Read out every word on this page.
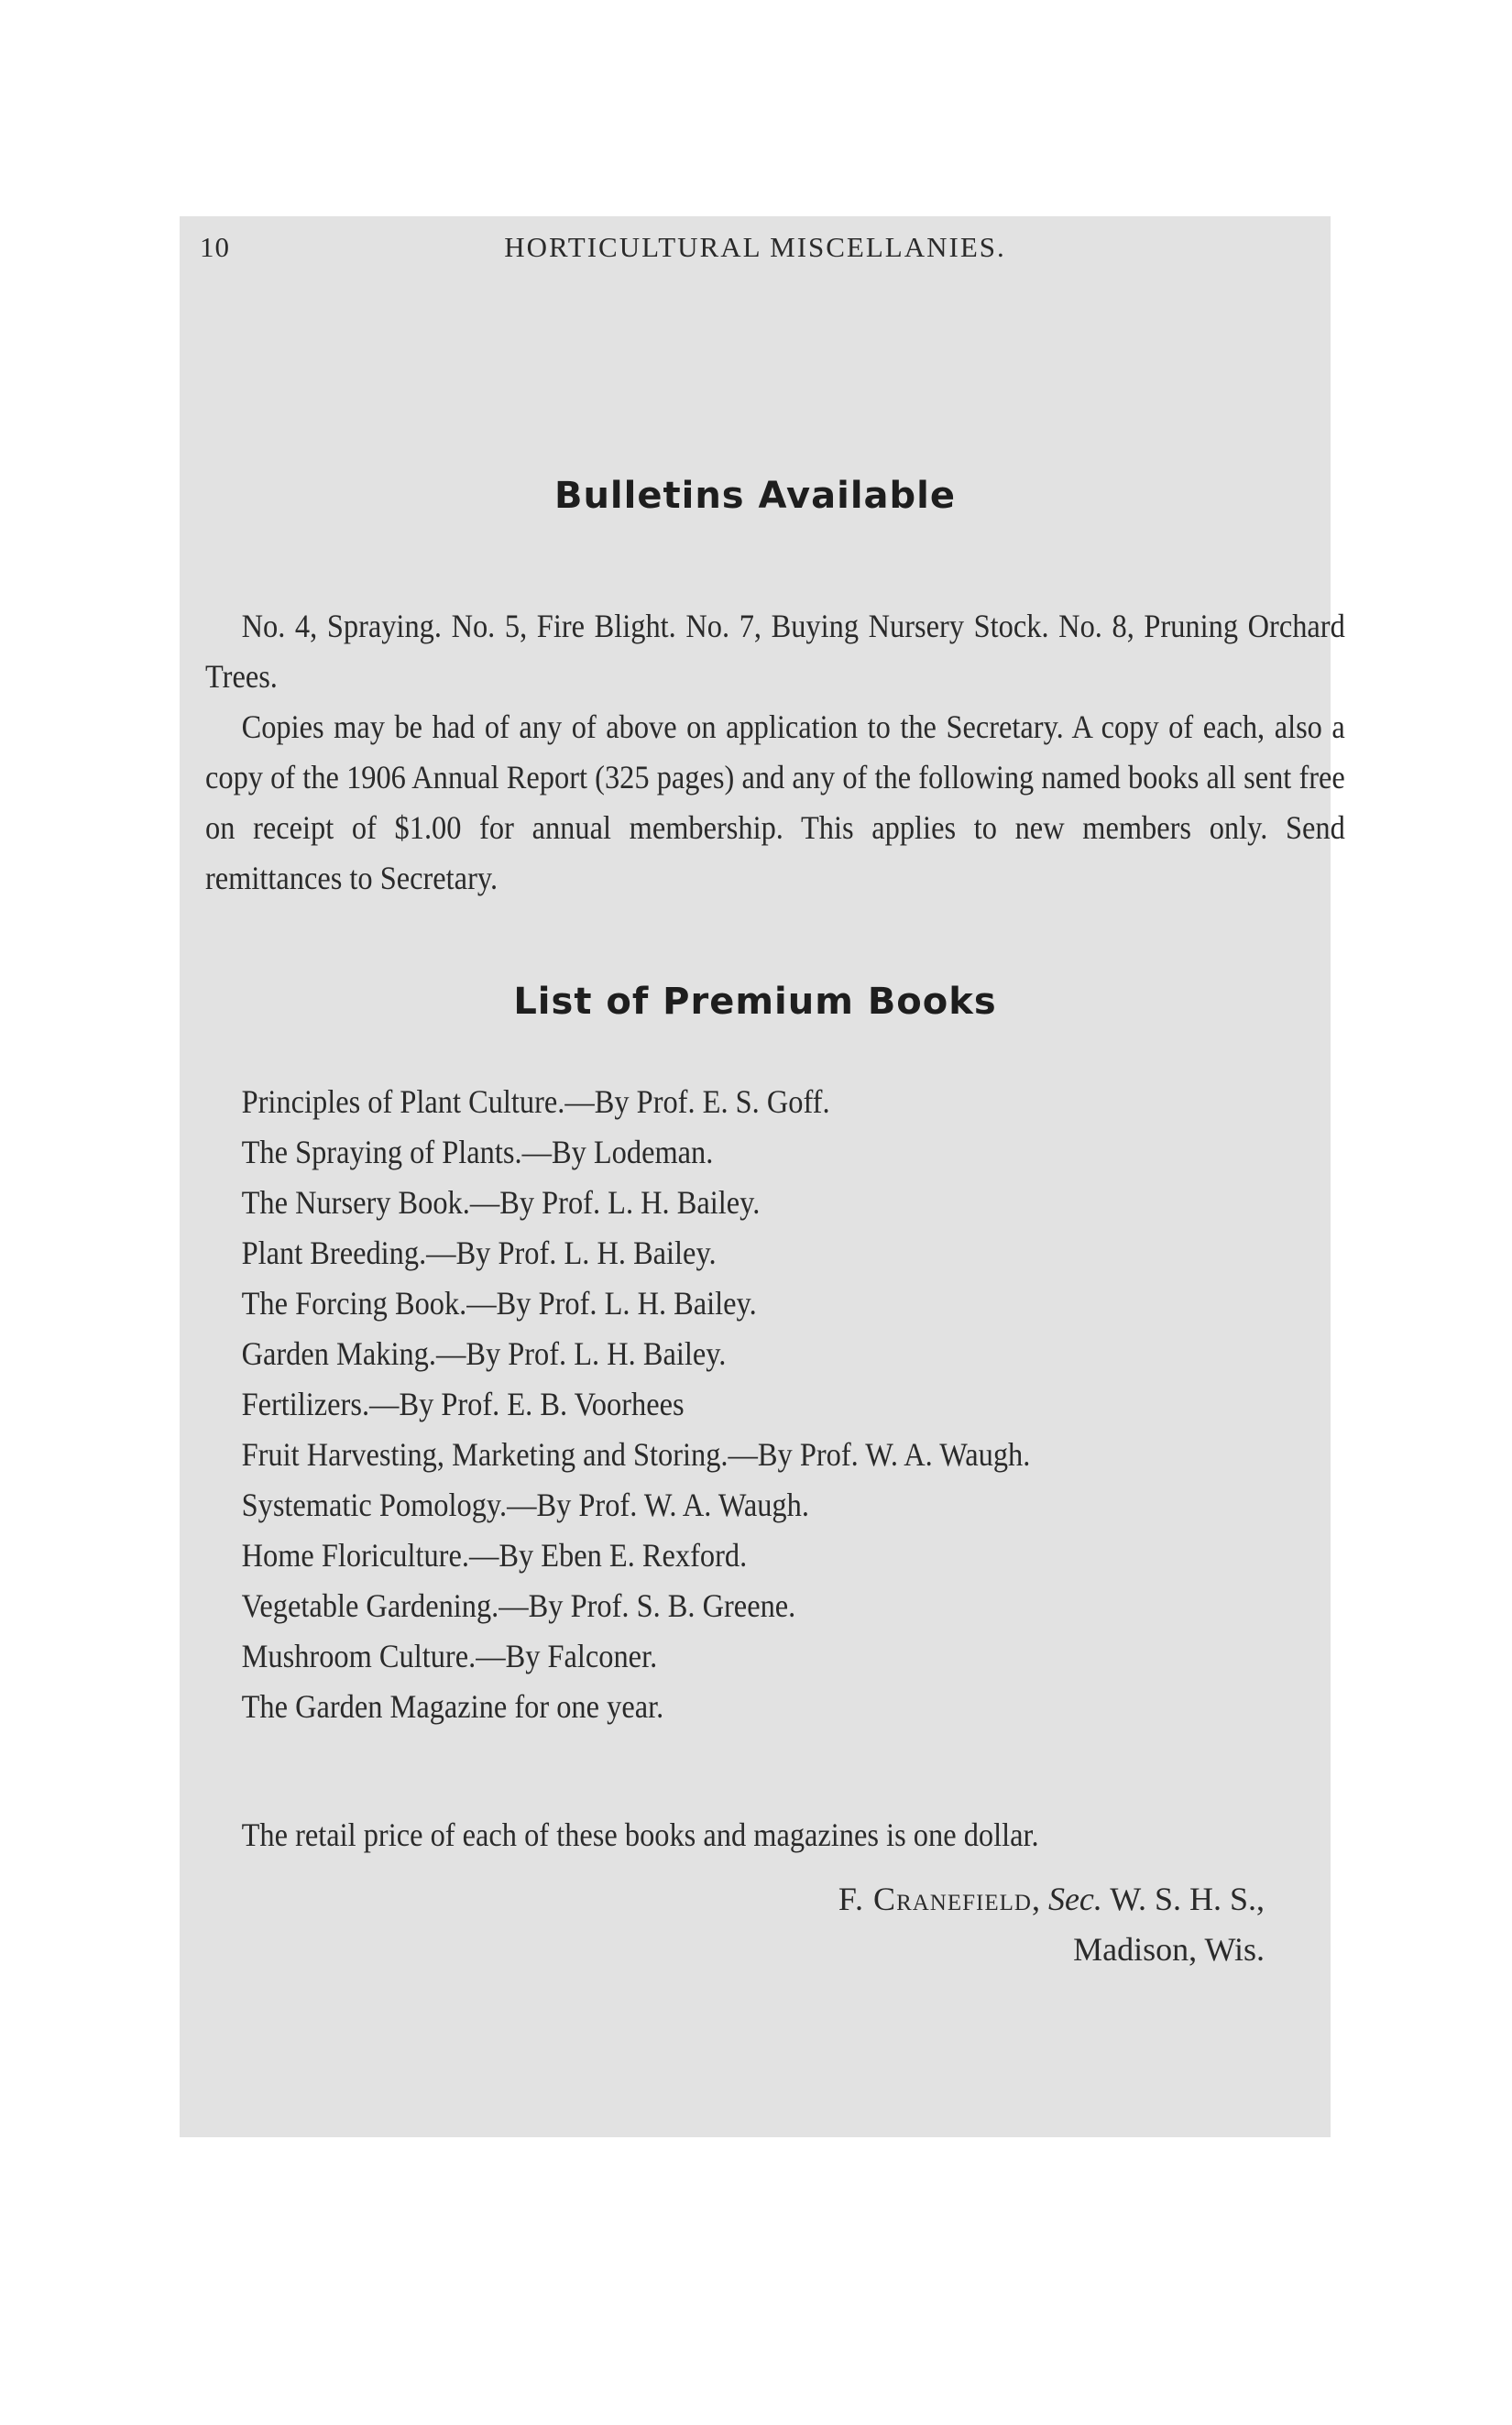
10	HORTICULTURAL MISCELLANIES.
Bulletins Available

No. 4, Spraying. No. 5, Fire Blight. No. 7, Buying Nursery Stock. No. 8, Pruning Orchard Trees.

Copies may be had of any of above on application to the Secretary. A copy of each, also a copy of the 1906 Annual Report (325 pages) and any of the following named books all sent free on receipt of $1.00 for annual membership. This applies to new members only. Send remittances to Secretary.

List of Premium Books
Principles of Plant Culture.—By Prof. E. S. Goff.
The Spraying of Plants.—By Lodeman.
The Nursery Book.—By Prof. L. H. Bailey.
Plant Breeding.—By Prof. L. H. Bailey.
The Forcing Book.—By Prof. L. H. Bailey.
Garden Making.—By Prof. L. H. Bailey.
Fertilizers.—By Prof. E. B. Voorhees
Fruit Harvesting, Marketing and Storing.—By Prof. W. A. Waugh.
Systematic Pomology.—By Prof. W. A. Waugh.
Home Floriculture.—By Eben E. Rexford.
Vegetable Gardening.—By Prof. S. B. Greene.
Mushroom Culture.—By Falconer.
The Garden Magazine for one year.

The retail price of each of these books and magazines is one dollar.

F. Cranefield, Sec. W. S. H. S.,
Madison, Wis.
